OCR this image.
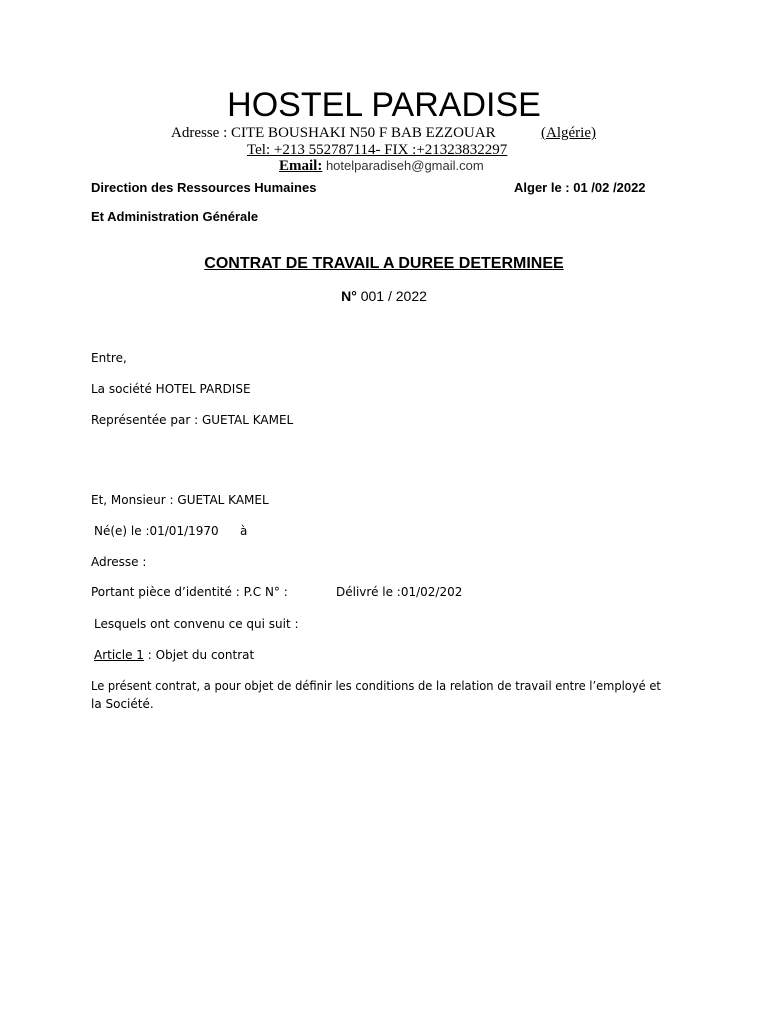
HOSTEL PARADISE
Adresse : CITE BOUSHAKI N50 F BAB EZZOUAR	(Algérie)
Tel: +213 552787114- FIX :+21323832297
Email: hotelparadiseh@gmail.com
Direction des Ressources Humaines	Alger le : 01 /02 /2022
Et Administration Générale
CONTRAT DE TRAVAIL A DUREE DETERMINEE
N° 001 / 2022
Entre,
La société HOTEL PARDISE
Représentée par : GUETAL KAMEL
Et, Monsieur : GUETAL KAMEL
Né(e) le :01/01/1970 à
Adresse :
Portant pièce d’identité : P.C N° :	Délivré le :01/02/202
Lesquels ont convenu ce qui suit :
Article 1 : Objet du contrat
Le présent contrat, a pour objet de définir les conditions de la relation de travail entre l’employé et
la Société.
